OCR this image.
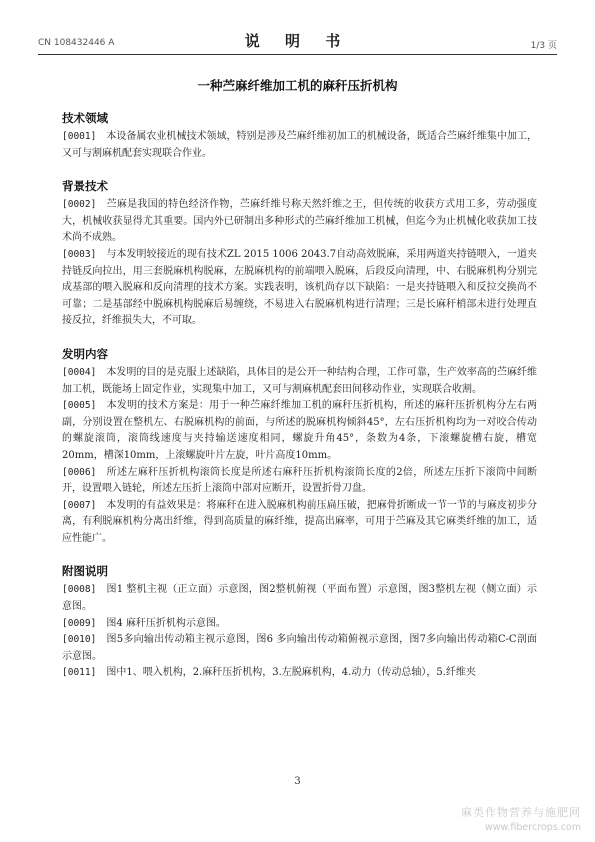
CN 108432446 A	说 明 书	1/3 页
一种苎麻纤维加工机的麻秆压折机构
技术领域

[0001] 本设备属农业机械技术领域，特别是涉及苎麻纤维初加工的机械设备，既适合苎麻纤维集中加工，又可与割麻机配套实现联合作业。

背景技术

[0002] 苎麻是我国的特色经济作物，苎麻纤维号称天然纤维之王，但传统的收获方式用工多，劳动强度大，机械收获显得尤其重要。国内外已研制出多种形式的苎麻纤维加工机械，但迄今为止机械化收获加工技术尚不成熟。

[0003] 与本发明较接近的现有技术ZL 2015 1006 2043.7自动高效脱麻，采用两道夹持链喂入，一道夹持链反向拉出，用三套脱麻机构脱麻，左脱麻机构的前端喂入脱麻，后段反向清理，中、右脱麻机构分别完成基部的喂入脱麻和反向清理的技术方案。实践表明，该机尚存以下缺陷：一是夹持链喂入和反拉交换尚不可靠；二是基部经中脱麻机构脱麻后易缠绕，不易进入右脱麻机构进行清理；三是长麻秆梢部未进行处理直接反拉，纤维损失大，不可取。

发明内容

[0004] 本发明的目的是克服上述缺陷，具体目的是公开一种结构合理，工作可靠，生产效率高的苎麻纤维加工机，既能场上固定作业，实现集中加工，又可与割麻机配套田间移动作业，实现联合收割。

[0005] 本发明的技术方案是：用于一种苎麻纤维加工机的麻秆压折机构，所述的麻秆压折机构分左右两副，分别设置在整机左、右脱麻机构的前面，与所述的脱麻机构倾斜45°，左右压折机构均为一对咬合传动的螺旋滚筒，滚筒线速度与夹持输送速度相同，螺旋升角45°，条数为4条，下滚螺旋槽右旋，槽宽20mm，槽深10mm，上滚螺旋叶片左旋，叶片高度10mm。

[0006] 所述左麻秆压折机构滚筒长度是所述右麻秆压折机构滚筒长度的2倍，所述左压折下滚筒中间断开，设置喂入链轮，所述左压折上滚筒中部对应断开，设置折骨刀盘。

[0007] 本发明的有益效果是：将麻秆在进入脱麻机构前压扁压破，把麻骨折断成一节一节的与麻皮初步分离，有利脱麻机构分离出纤维，得到高质量的麻纤维，提高出麻率，可用于苎麻及其它麻类纤维的加工，适应性能广。

附图说明

[0008] 图1 整机主视（正立面）示意图，图2整机俯视（平面布置）示意图，图3整机左视（侧立面）示意图。

[0009] 图4 麻秆压折机构示意图。

[0010] 图5多向输出传动箱主视示意图，图6 多向输出传动箱俯视示意图，图7多向输出传动箱C-C剖面示意图。

[0011] 图中1、喂入机构，2.麻秆压折机构，3.左脱麻机构，4.动力（传动总轴），5.纤维夹

3
麻类作物营养与施肥网
www.fibercrops.com
